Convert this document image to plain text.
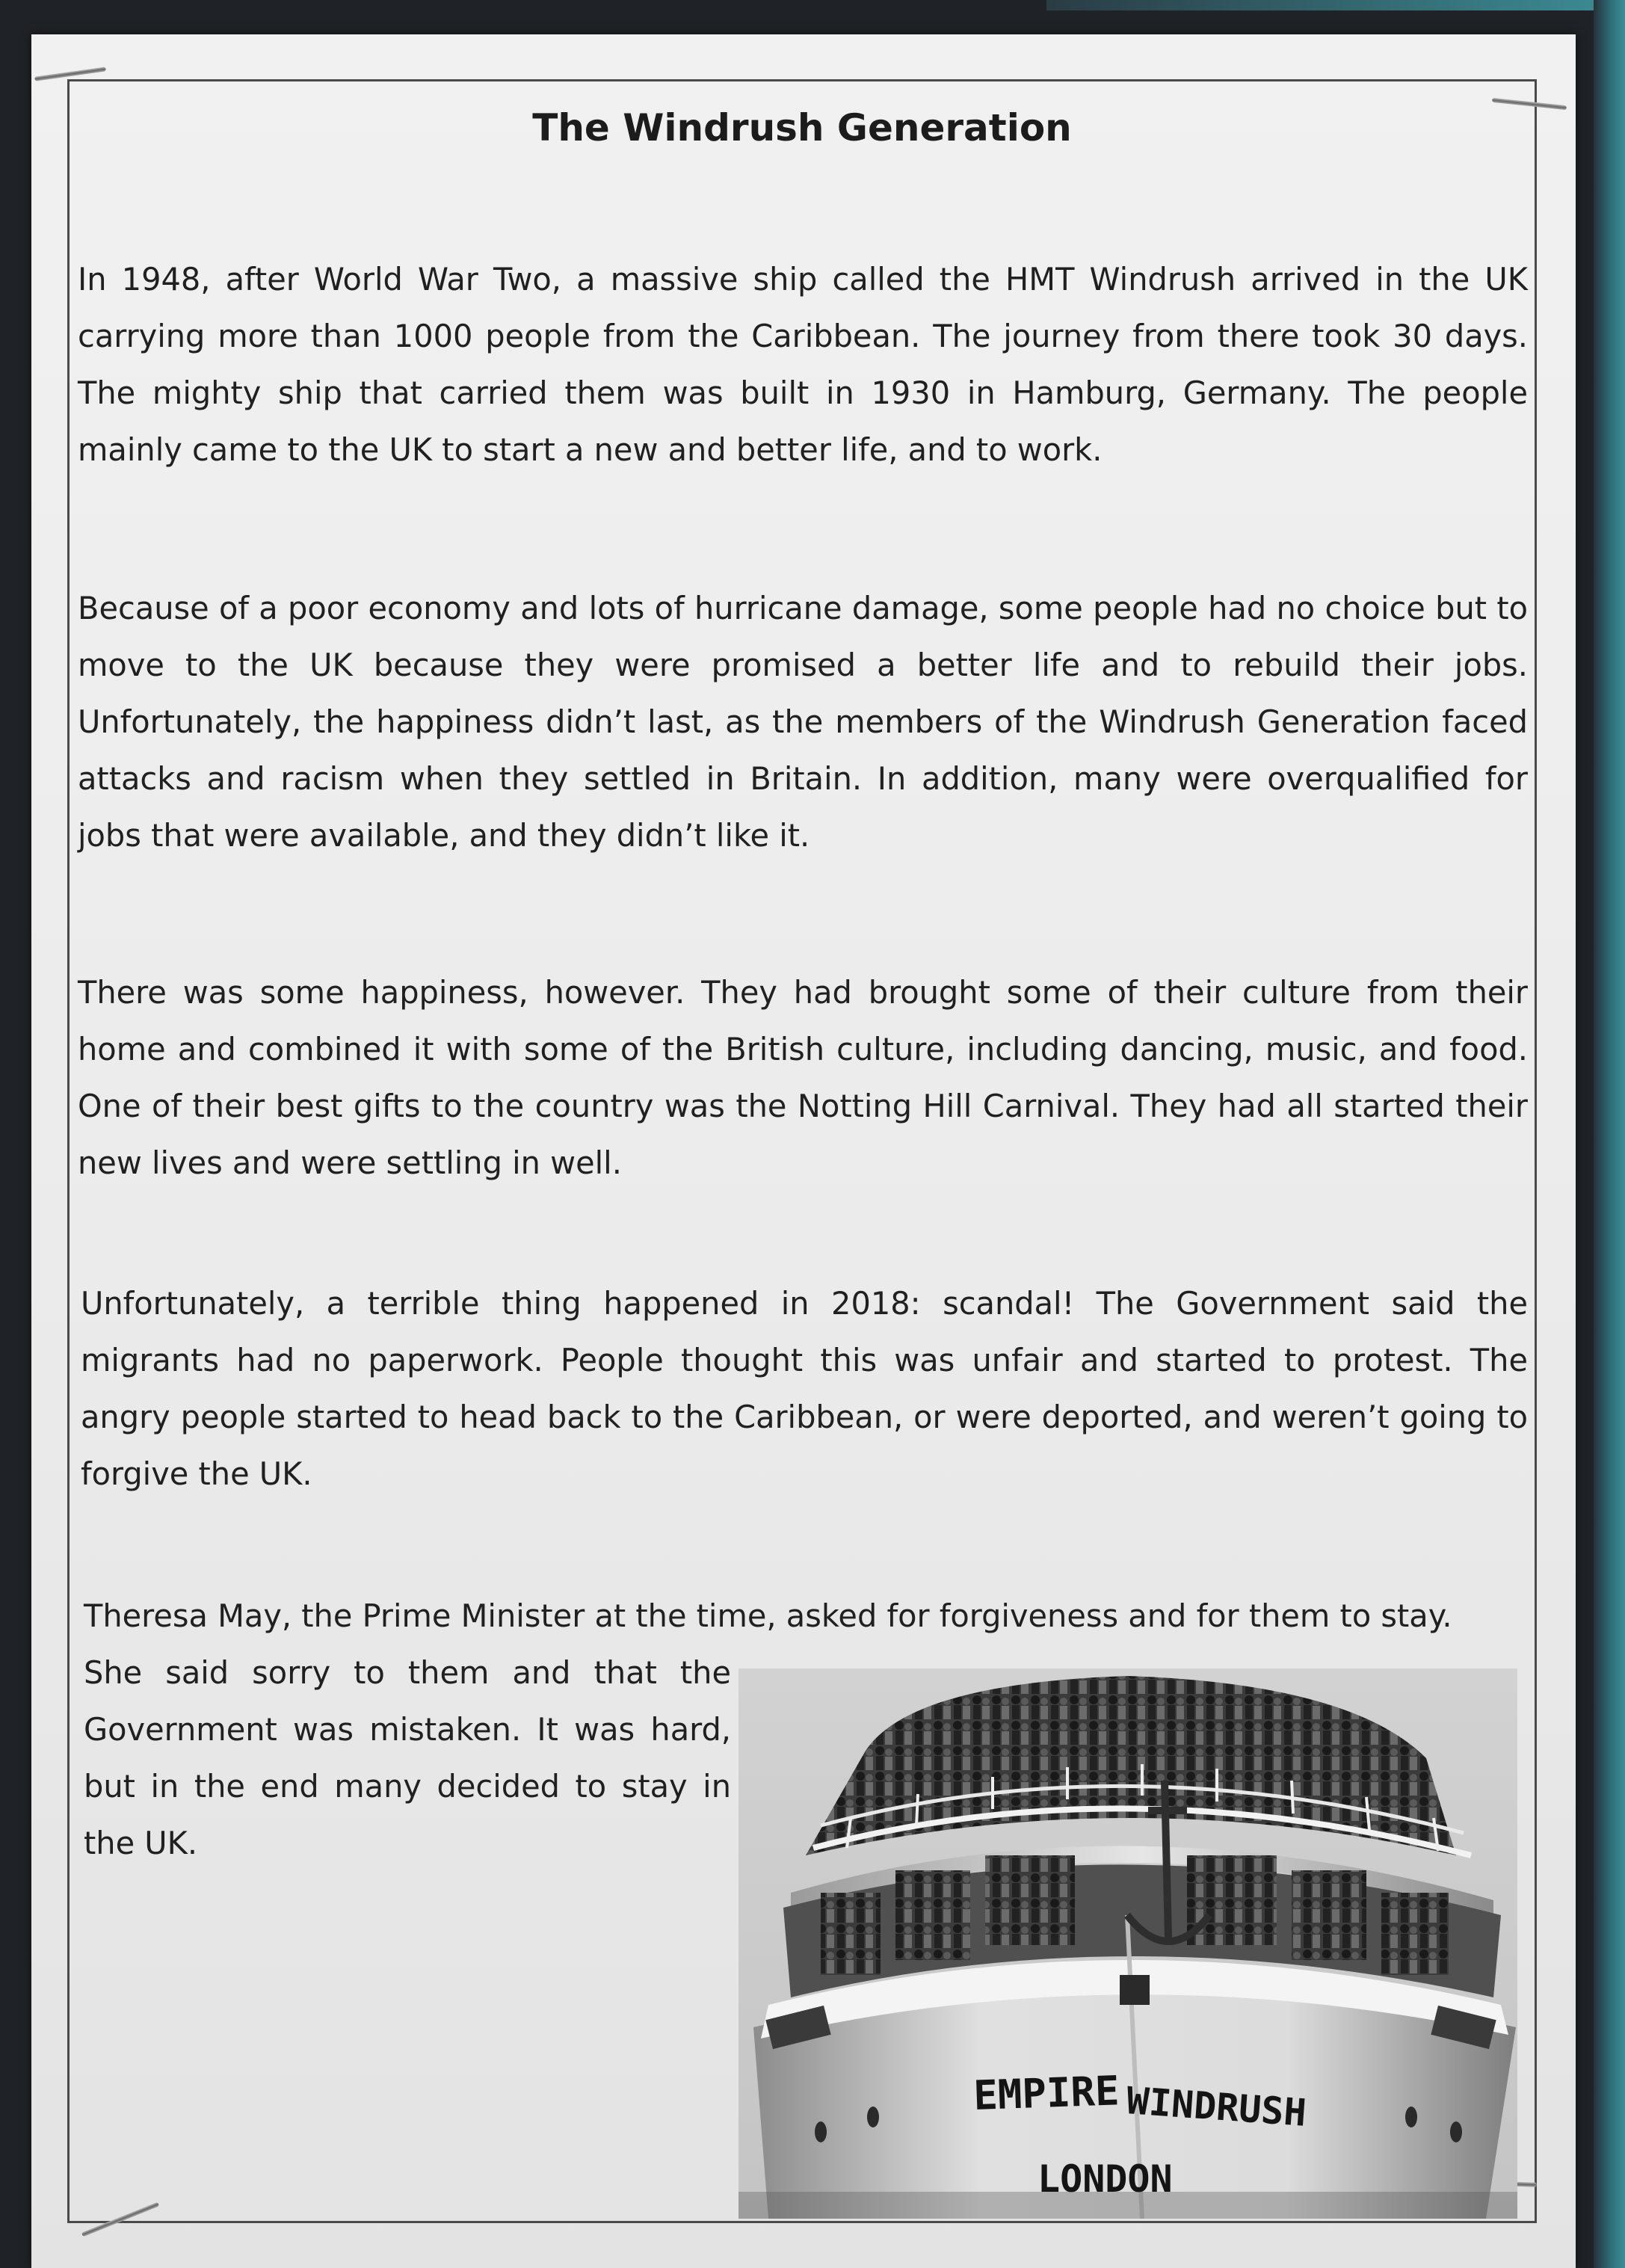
The Windrush Generation

In 1948, after World War Two, a massive ship called the HMT Windrush arrived in the UK carrying more than 1000 people from the Caribbean. The journey from there took 30 days. The mighty ship that carried them was built in 1930 in Hamburg, Germany. The people mainly came to the UK to start a new and better life, and to work.

Because of a poor economy and lots of hurricane damage, some people had no choice but to move to the UK because they were promised a better life and to rebuild their jobs. Unfortunately, the happiness didn’t last, as the members of the Windrush Generation faced attacks and racism when they settled in Britain. In addition, many were overqualified for jobs that were available, and they didn’t like it.

There was some happiness, however. They had brought some of their culture from their home and combined it with some of the British culture, including dancing, music, and food. One of their best gifts to the country was the Notting Hill Carnival. They had all started their new lives and were settling in well.

Unfortunately, a terrible thing happened in 2018: scandal! The Government said the migrants had no paperwork. People thought this was unfair and started to protest. The angry people started to head back to the Caribbean, or were deported, and weren’t going to forgive the UK.

Theresa May, the Prime Minister at the time, asked for forgiveness and for them to stay.

She said sorry to them and that the Government was mistaken. It was hard, but in the end many decided to stay in the UK.

EMPIRE WINDRUSH
LONDON
